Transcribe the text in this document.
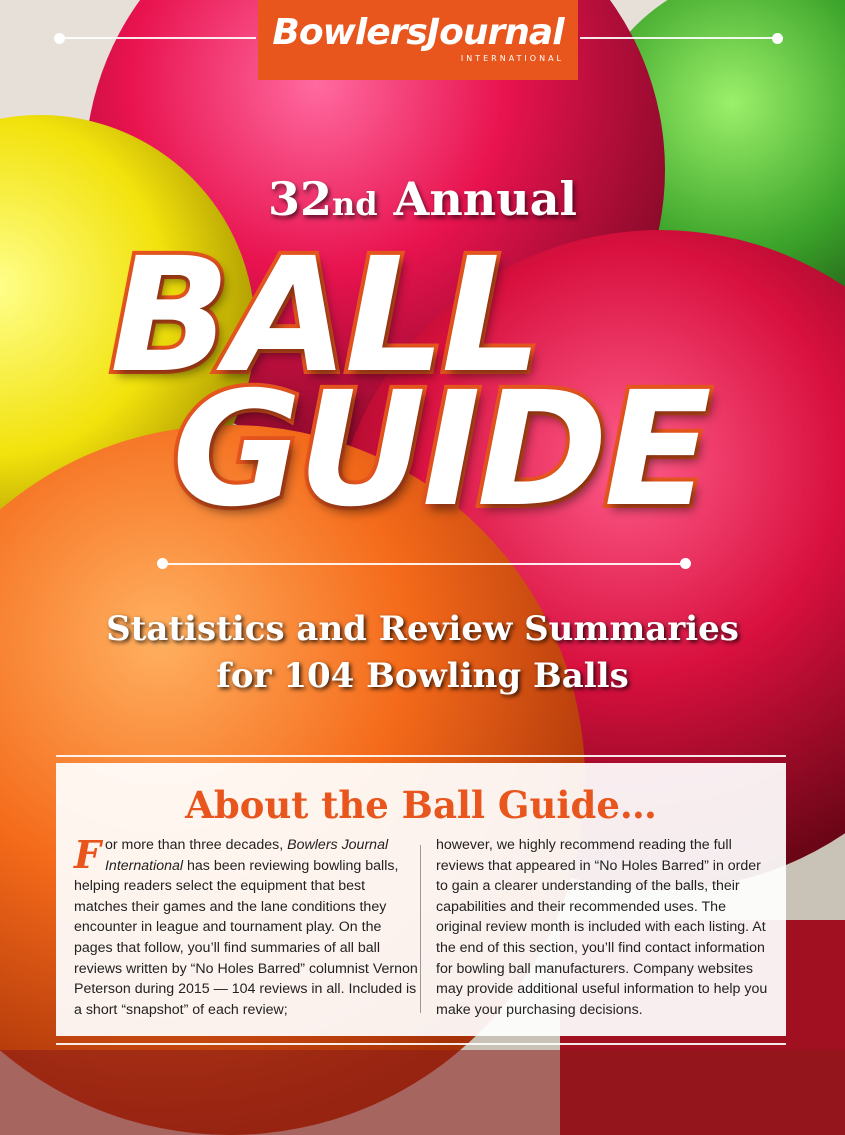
BowlersJournal
INTERNATIONAL
32nd Annual
BALL
GUIDE
Statistics and Review Summaries
for 104 Bowling Balls
About the Ball Guide…
For more than three decades, Bowlers Journal International has been reviewing bowling balls, helping readers select the equipment that best matches their games and the lane conditions they encounter in league and tournament play. On the pages that follow, you’ll find summaries of all ball reviews written by “No Holes Barred” columnist Vernon Peterson during 2015 — 104 reviews in all. Included is a short “snapshot” of each review;
however, we highly recommend reading the full reviews that appeared in “No Holes Barred” in order to gain a clearer understanding of the balls, their capabilities and their recommended uses. The original review month is included with each listing. At the end of this section, you’ll find contact information for bowling ball manufacturers. Company websites may provide additional useful information to help you make your purchasing decisions.
